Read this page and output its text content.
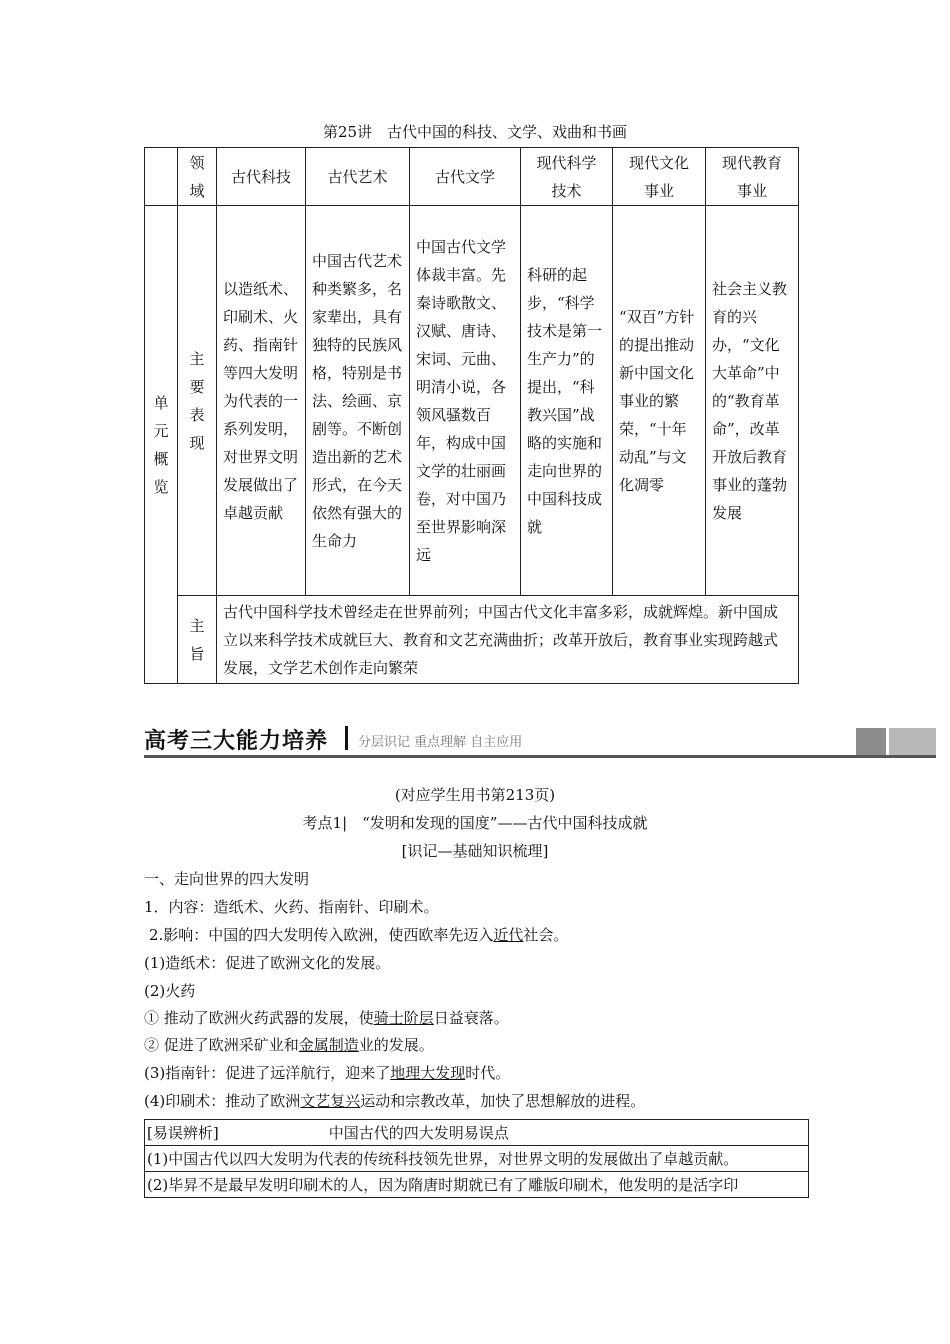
第25讲　古代中国的科技、文学、戏曲和书画

	领域	古代科技	古代艺术	古代文学	现代科学技术	现代文化事业	现代教育事业

单元概览	主要表现	以造纸术、印刷术、火药、指南针等四大发明为代表的一系列发明，对世界文明发展做出了卓越贡献	中国古代艺术种类繁多，名家辈出，具有独特的民族风格，特别是书法、绘画、京剧等。不断创造出新的艺术形式，在今天依然有强大的生命力	中国古代文学体裁丰富。先秦诗歌散文、汉赋、唐诗、宋词、元曲、明清小说，各领风骚数百年，构成中国文学的壮丽画卷，对中国乃至世界影响深远	科研的起步，“科学技术是第一生产力”的提出，“科教兴国”战略的实施和走向世界的中国科技成就	“双百”方针的提出推动新中国文化事业的繁荣，“十年动乱”与文化凋零	社会主义教育的兴办，“文化大革命”中的“教育革命”，改革开放后教育事业的蓬勃发展

	主旨	古代中国科学技术曾经走在世界前列；中国古代文化丰富多彩，成就辉煌。新中国成立以来科学技术成就巨大、教育和文艺充满曲折；改革开放后，教育事业实现跨越式发展，文学艺术创作走向繁荣					
高考三大能力培养 分层识记 重点理解 自主应用
(对应学生用书第213页)
考点1|　“发明和发现的国度”——古代中国科技成就
[识记—基础知识梳理]
一、走向世界的四大发明
1．内容：造纸术、火药、指南针、印刷术。
2.影响：中国的四大发明传入欧洲，使西欧率先迈入近代社会。
(1)造纸术：促进了欧洲文化的发展。
(2)火药
① 推动了欧洲火药武器的发展，使骑士阶层日益衰落。
② 促进了欧洲采矿业和金属制造业的发展。
(3)指南针：促进了远洋航行，迎来了地理大发现时代。
(4)印刷术：推动了欧洲文艺复兴运动和宗教改革，加快了思想解放的进程。
[易误辨析]	中国古代的四大发明易误点
(1)中国古代以四大发明为代表的传统科技领先世界，对世界文明的发展做出了卓越贡献。
(2)毕昇不是最早发明印刷术的人，因为隋唐时期就已有了雕版印刷术，他发明的是活字印
